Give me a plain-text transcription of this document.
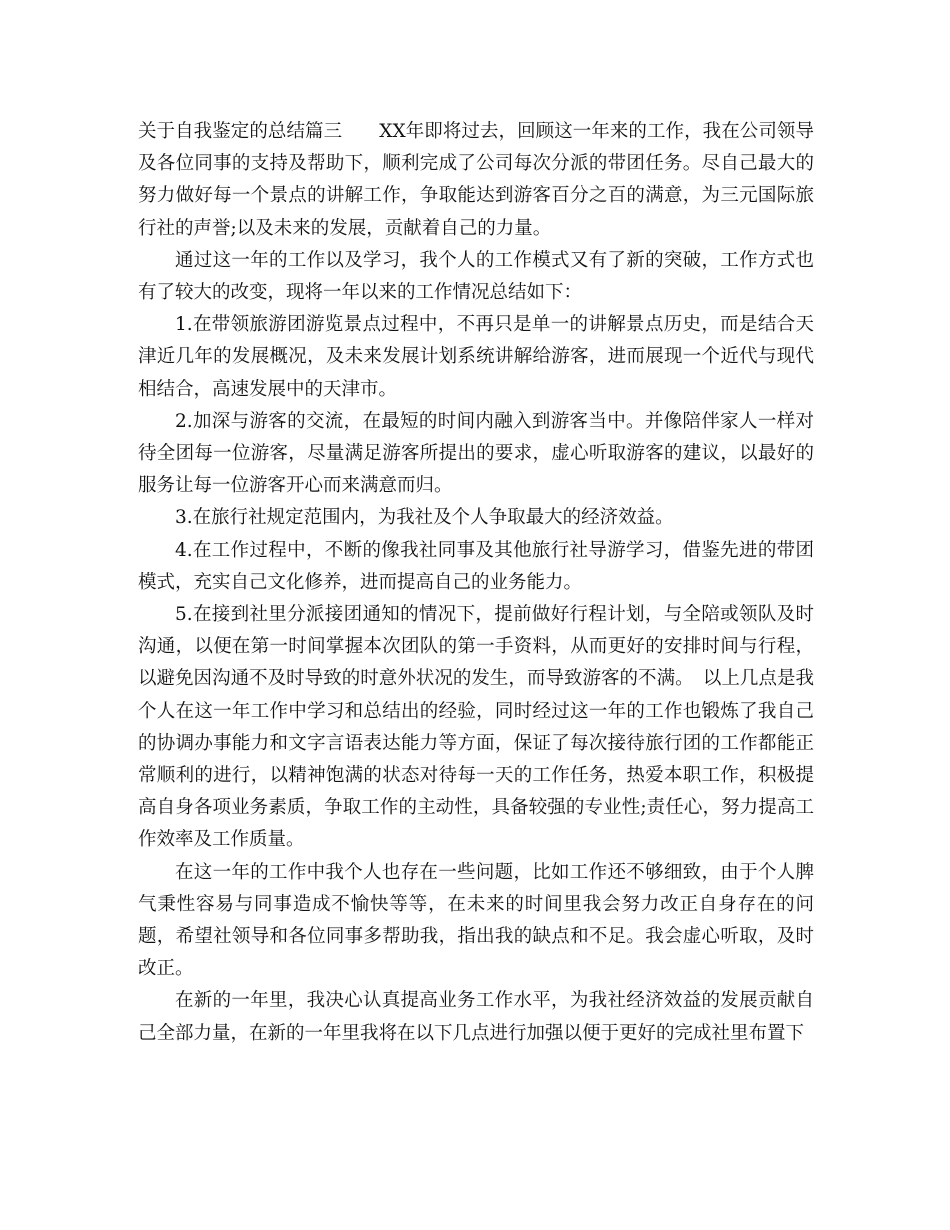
关于自我鉴定的总结篇三　　XX年即将过去，回顾这一年来的工作，我在公司领导及各位同事的支持及帮助下，顺利完成了公司每次分派的带团任务。尽自己最大的努力做好每一个景点的讲解工作，争取能达到游客百分之百的满意，为三元国际旅行社的声誉;以及未来的发展，贡献着自己的力量。

通过这一年的工作以及学习，我个人的工作模式又有了新的突破，工作方式也有了较大的改变，现将一年以来的工作情况总结如下：

1.在带领旅游团游览景点过程中，不再只是单一的讲解景点历史，而是结合天津近几年的发展概况，及未来发展计划系统讲解给游客，进而展现一个近代与现代相结合，高速发展中的天津市。

2.加深与游客的交流，在最短的时间内融入到游客当中。并像陪伴家人一样对待全团每一位游客，尽量满足游客所提出的要求，虚心听取游客的建议，以最好的服务让每一位游客开心而来满意而归。

3.在旅行社规定范围内，为我社及个人争取最大的经济效益。

4.在工作过程中，不断的像我社同事及其他旅行社导游学习，借鉴先进的带团模式，充实自己文化修养，进而提高自己的业务能力。

5.在接到社里分派接团通知的情况下，提前做好行程计划，与全陪或领队及时沟通，以便在第一时间掌握本次团队的第一手资料，从而更好的安排时间与行程，以避免因沟通不及时导致的时意外状况的发生，而导致游客的不满。　以上几点是我个人在这一年工作中学习和总结出的经验，同时经过这一年的工作也锻炼了我自己的协调办事能力和文字言语表达能力等方面，保证了每次接待旅行团的工作都能正常顺利的进行，以精神饱满的状态对待每一天的工作任务，热爱本职工作，积极提高自身各项业务素质，争取工作的主动性，具备较强的专业性;责任心，努力提高工作效率及工作质量。

在这一年的工作中我个人也存在一些问题，比如工作还不够细致，由于个人脾气秉性容易与同事造成不愉快等等，在未来的时间里我会努力改正自身存在的问题，希望社领导和各位同事多帮助我，指出我的缺点和不足。我会虚心听取，及时改正。

在新的一年里，我决心认真提高业务工作水平，为我社经济效益的发展贡献自己全部力量，在新的一年里我将在以下几点进行加强以便于更好的完成社里布置下
